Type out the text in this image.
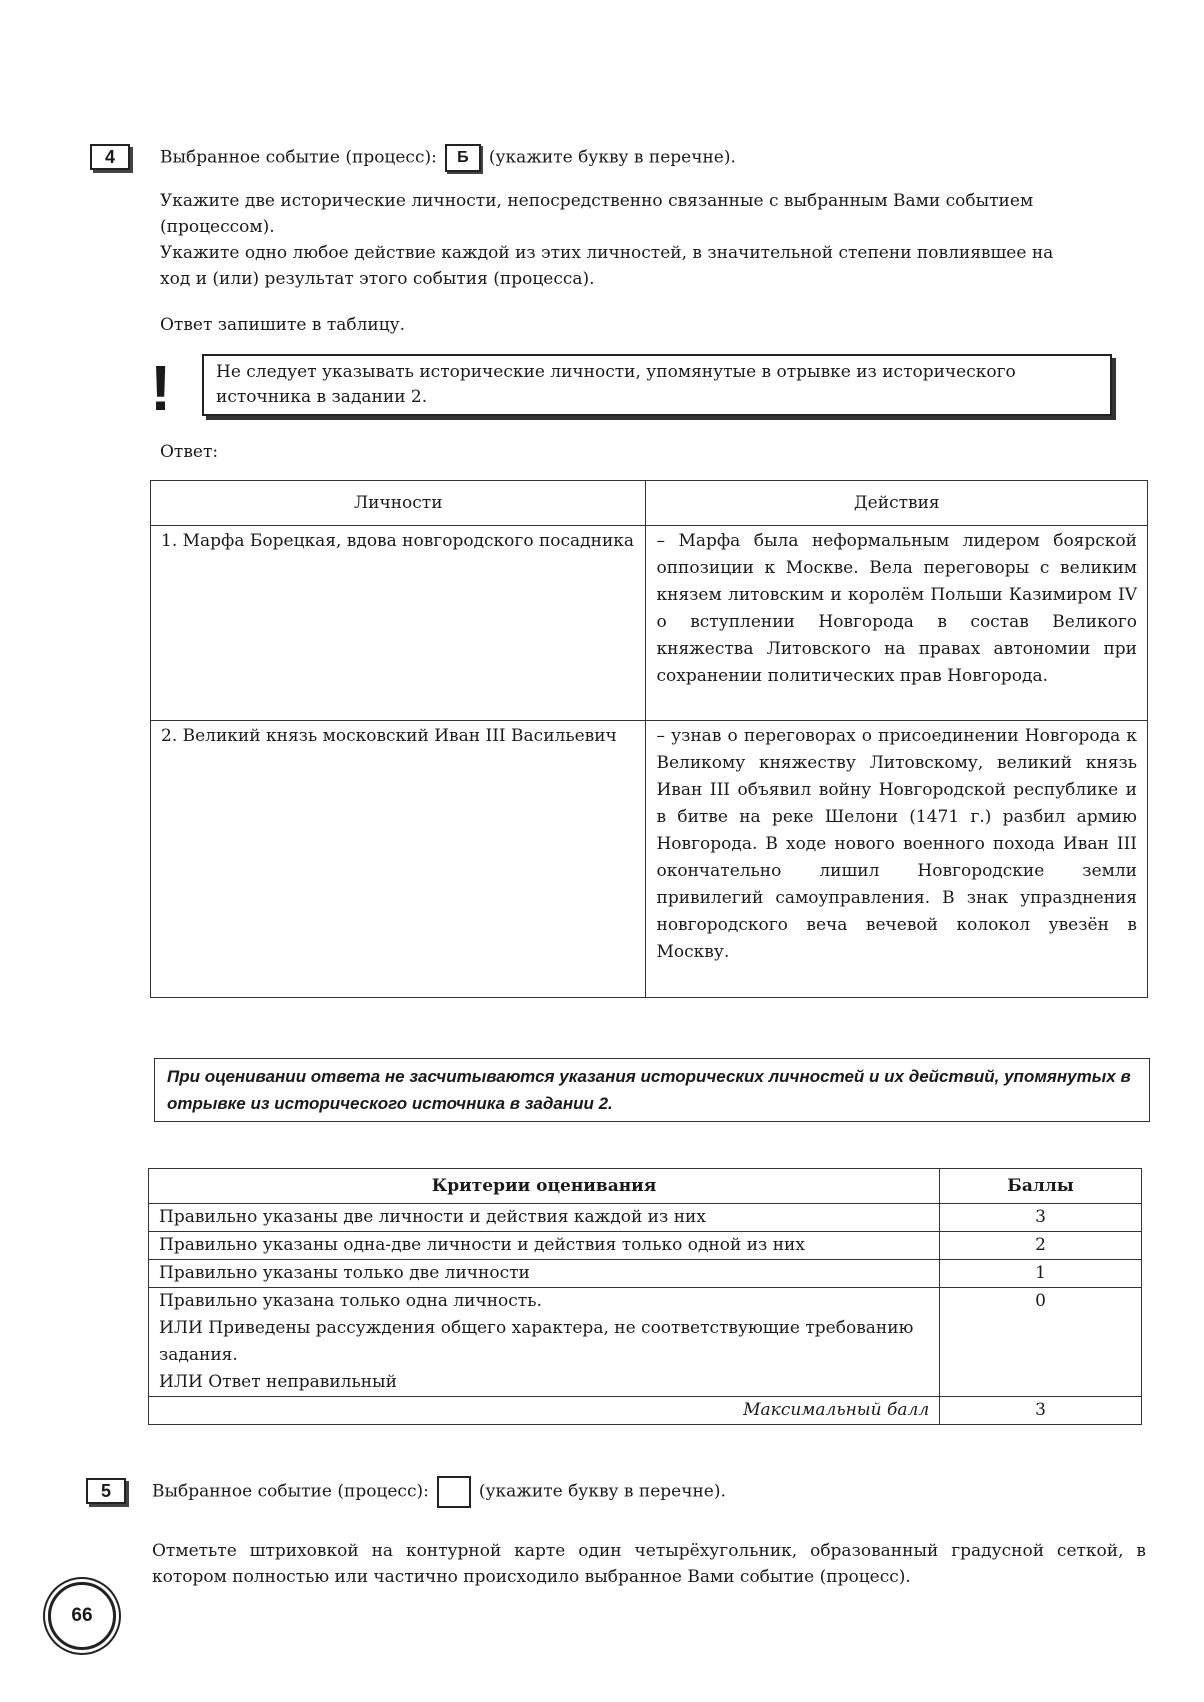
4	Выбранное событие (процесс): Б (укажите букву в перечне).
Укажите две исторические личности, непосредственно связанные с выбранным Вами событием
(процессом).
Укажите одно любое действие каждой из этих личностей, в значительной степени повлиявшее на
ход и (или) результат этого события (процесса).
Ответ запишите в таблицу.
!	Не следует указывать исторические личности, упомянутые в отрывке из исторического
источника в задании 2.
Ответ:
Личности	Действия
1. Марфа Борецкая, вдова новгородского посадника	– Марфа была неформальным лидером боярской оппозиции к Москве. Вела переговоры с великим князем литовским и королём Польши Казимиром IV о вступлении Новгорода в состав Великого княжества Литовского на правах автономии при сохранении политических прав Новгорода.
2. Великий князь московский Иван III Васильевич	– узнав о переговорах о присоединении Новгорода к Великому княжеству Литовскому, великий князь Иван III объявил войну Новгородской республике и в битве на реке Шелони (1471 г.) разбил армию Новгорода. В ходе нового военного похода Иван III окончательно лишил Новгородские земли привилегий самоуправления. В знак упразднения новгородского веча вечевой колокол увезён в Москву.
При оценивании ответа не засчитываются указания исторических личностей и их действий, упомянутых в отрывке из исторического источника в задании 2.
Критерии оценивания	Баллы
Правильно указаны две личности и действия каждой из них	3
Правильно указаны одна-две личности и действия только одной из них	2
Правильно указаны только две личности	1

Правильно указана только одна личность.
ИЛИ Приведены рассуждения общего характера, не соответствующие требованию задания.
ИЛИ Ответ неправильный	0
Максимальный балл	3
5 Выбранное событие (процесс):	(укажите букву в перечне).
Отметьте штриховкой на контурной карте один четырёхугольник, образованный градусной сеткой, в котором полностью или частично происходило выбранное Вами событие (процесс).
66
